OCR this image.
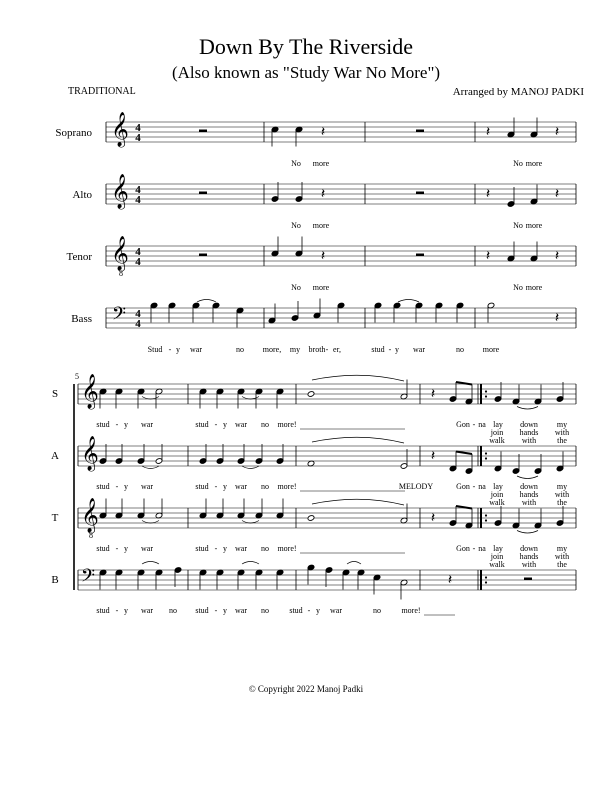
Down By The Riverside
(Also known as "Study War No More")
TRADITIONAL	Arranged by MANOJ PADKI
© Copyright 2022 Manoj Padki
Soprano 𝄞 4
4
Alto 𝄞 4
4
Tenor 𝄞
8
4
4
Bass 𝄢 4
4
𝄽	𝄽	𝄽
No more	No more
𝄽	𝄽	𝄽
No more	No more
𝄽	𝄽	𝄽
No more	No more
𝄽
Stud - y war	no more, my broth - er,	stud - y war	no more
5
S 𝄞
A 𝄞
T 𝄞
8
B 𝄢
𝄽
stud - y war	stud - y war no more!	Gon - na lay down my
join hands with
walk with	the
𝄽
stud - y war	stud - y war no more!	MELODY	Gon - na lay down my
join hands with
walk with	the
𝄽
stud - y war	stud - y war no more!	Gon - na lay down my
join hands with
walk with	the
𝄽
stud - y war no stud - y war no	stud - y war	no	more!
